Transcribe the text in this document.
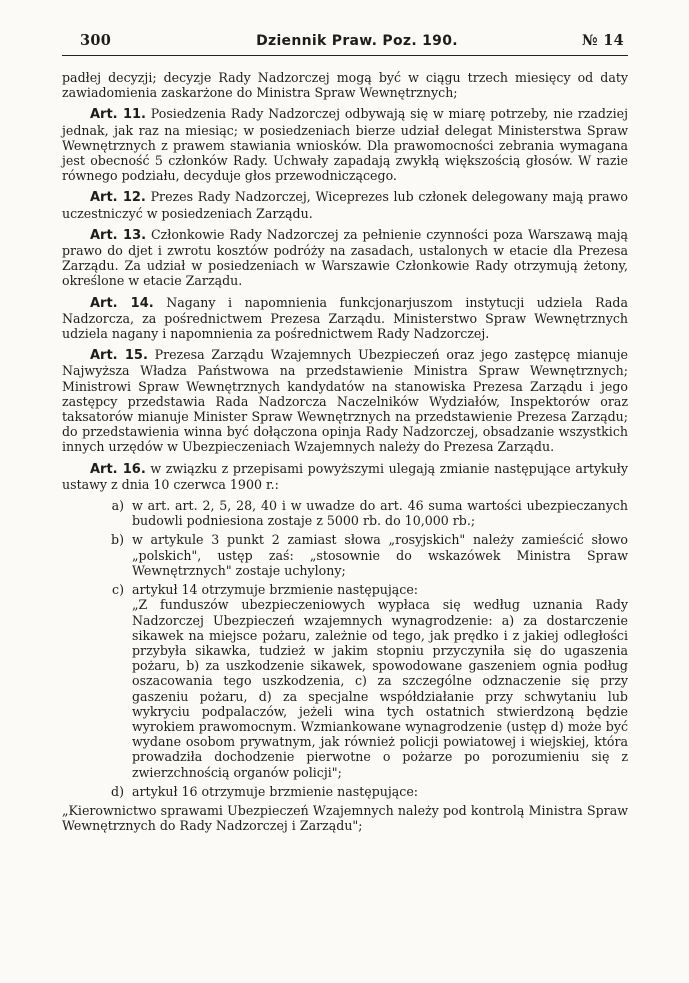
300	Dziennik Praw. Poz. 190.	№ 14

padłej decyzji; decyzje Rady Nadzorczej mogą być w ciągu trzech miesięcy od daty zawiadomienia zaskarżone do Ministra Spraw Wewnętrznych;

Art. 11. Posiedzenia Rady Nadzorczej odbywają się w miarę potrzeby, nie rzadziej jednak, jak raz na miesiąc; w posiedzeniach bierze udział delegat Ministerstwa Spraw Wewnętrznych z prawem stawiania wniosków. Dla prawomocności zebrania wymagana jest obecność 5 członków Rady. Uchwały zapadają zwykłą większością głosów. W razie równego podziału, decyduje głos przewodniczącego.

Art. 12. Prezes Rady Nadzorczej, Wiceprezes lub członek delegowany mają prawo uczestniczyć w posiedzeniach Zarządu.

Art. 13. Członkowie Rady Nadzorczej za pełnienie czynności poza Warszawą mają prawo do djet i zwrotu kosztów podróży na zasadach, ustalonych w etacie dla Prezesa Zarządu. Za udział w posiedzeniach w Warszawie Członkowie Rady otrzymują żetony, określone w etacie Zarządu.

Art. 14. Nagany i napomnienia funkcjonarjuszom instytucji udziela Rada Nadzorcza, za pośrednictwem Prezesa Zarządu. Ministerstwo Spraw Wewnętrznych udziela nagany i napomnienia za pośrednictwem Rady Nadzorczej.

Art. 15. Prezesa Zarządu Wzajemnych Ubezpieczeń oraz jego zastępcę mianuje Najwyższa Władza Państwowa na przedstawienie Ministra Spraw Wewnętrznych; Ministrowi Spraw Wewnętrznych kandydatów na stanowiska Prezesa Zarządu i jego zastępcy przedstawia Rada Nadzorcza Naczelników Wydziałów, Inspektorów oraz taksatorów mianuje Minister Spraw Wewnętrznych na przedstawienie Prezesa Zarządu; do przedstawienia winna być dołączona opinja Rady Nadzorczej, obsadzanie wszystkich innych urzędów w Ubezpieczeniach Wzajemnych należy do Prezesa Zarządu.

Art. 16. w związku z przepisami powyższymi ulegają zmianie następujące artykuły ustawy z dnia 10 czerwca 1900 r.:

a) w art. art. 2, 5, 28, 40 i w uwadze do art. 46 suma wartości ubezpieczanych budowli podniesiona zostaje z 5000 rb. do 10,000 rb.;
b) w artykule 3 punkt 2 zamiast słowa „rosyjskich" należy zamieścić słowo „polskich", ustęp zaś: „stosownie do wskazówek Ministra Spraw Wewnętrznych" zostaje uchylony;
c) artykuł 14 otrzymuje brzmienie następujące:
„Z funduszów ubezpieczeniowych wypłaca się według uznania Rady Nadzorczej Ubezpieczeń wzajemnych wynagrodzenie: a) za dostarczenie sikawek na miejsce pożaru, zależnie od tego, jak prędko i z jakiej odległości przybyła sikawka, tudzież w jakim stopniu przyczyniła się do ugaszenia pożaru, b) za uszkodzenie sikawek, spowodowane gaszeniem ognia podług oszacowania tego uszkodzenia, c) za szczególne odznaczenie się przy gaszeniu pożaru, d) za specjalne współdziałanie przy schwytaniu lub wykryciu podpalaczów, jeżeli wina tych ostatnich stwierdzoną będzie wyrokiem prawomocnym. Wzmiankowane wynagrodzenie (ustęp d) może być wydane osobom prywatnym, jak również policji powiatowej i wiejskiej, która prowadziła dochodzenie pierwotne o pożarze po porozumieniu się z zwierzchnością organów policji";
d) artykuł 16 otrzymuje brzmienie następujące:

„Kierownictwo sprawami Ubezpieczeń Wzajemnych należy pod kontrolą Ministra Spraw Wewnętrznych do Rady Nadzorczej i Zarządu";
